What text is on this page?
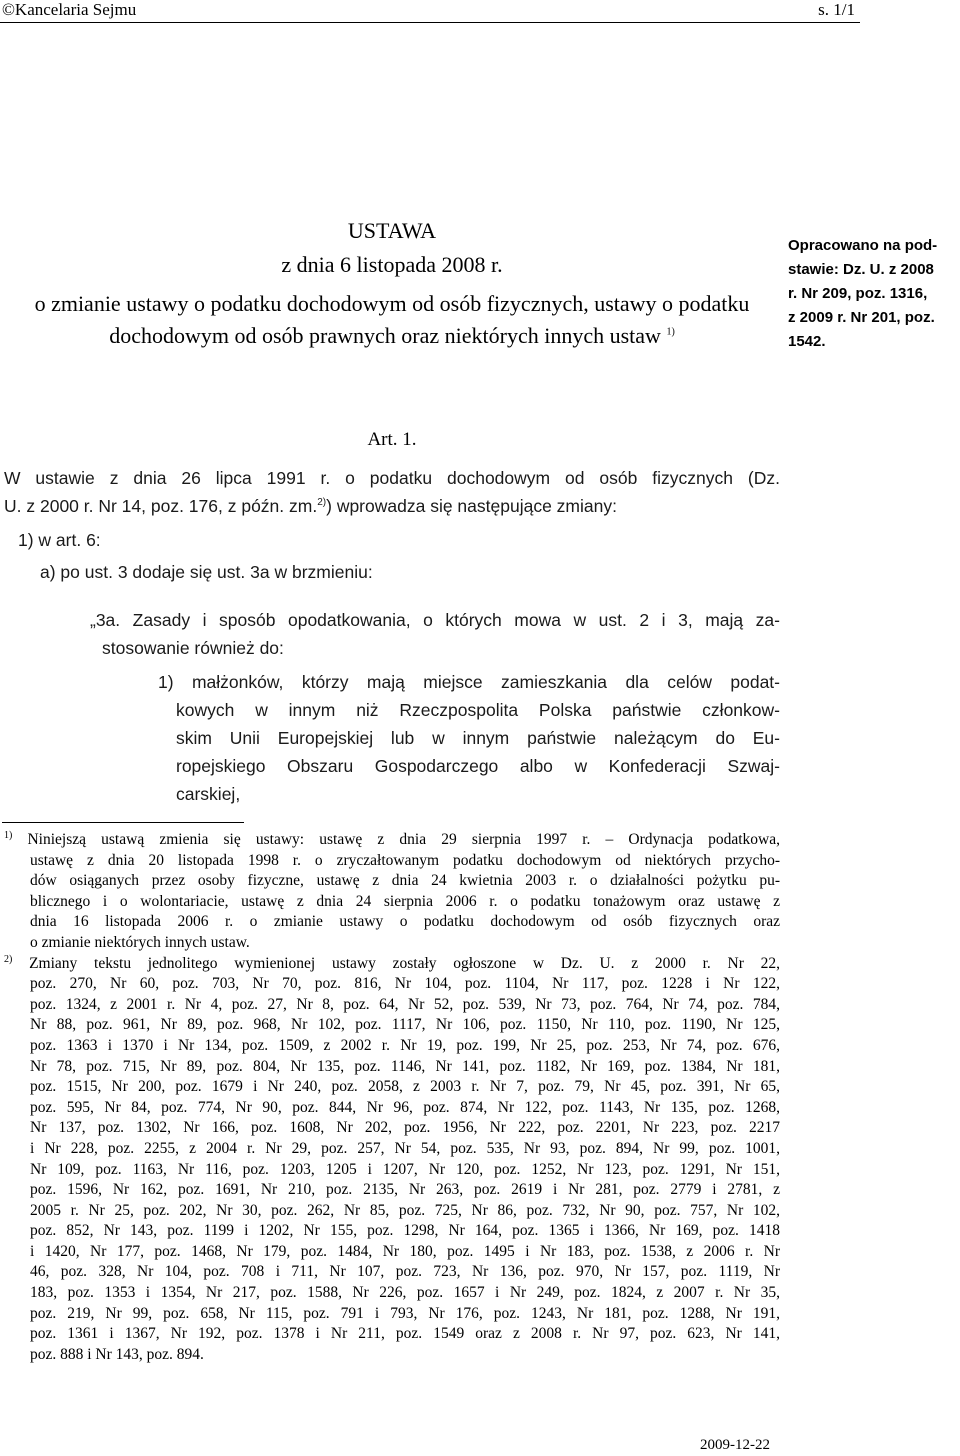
©Kancelaria Sejmu	s. 1/1
USTAWA
z dnia 6 listopada 2008 r.
o zmianie ustawy o podatku dochodowym od osób fizycznych, ustawy o podatku
dochodowym od osób prawnych oraz niektórych innych ustaw $^{1)}$
Opracowano na pod-
stawie: Dz. U. z 2008
r. Nr 209, poz. 1316,
z 2009 r. Nr 201, poz.
1542.
Art. 1.
W ustawie z dnia 26 lipca 1991 r. o podatku dochodowym od osób fizycznych (Dz.
U. z 2000 r. Nr 14, poz. 176, z późn. zm.$^{2)}$) wprowadza się następujące zmiany:
1) w art. 6:
a) po ust. 3 dodaje się ust. 3a w brzmieniu:
„3a. Zasady i sposób opodatkowania, o których mowa w ust. 2 i 3, mają za-
stosowanie również do:
1) małżonków, którzy mają miejsce zamieszkania dla celów podat-
kowych w innym niż Rzeczpospolita Polska państwie członkow-
skim Unii Europejskiej lub w innym państwie należącym do Eu-
ropejskiego Obszaru Gospodarczego albo w Konfederacji Szwaj-
carskiej,
$^{1)}$ Niniejszą ustawą zmienia się ustawy: ustawę z dnia 29 sierpnia 1997 r. – Ordynacja podatkowa,
ustawę z dnia 20 listopada 1998 r. o zryczałtowanym podatku dochodowym od niektórych przycho-
dów osiąganych przez osoby fizyczne, ustawę z dnia 24 kwietnia 2003 r. o działalności pożytku pu-
blicznego i o wolontariacie, ustawę z dnia 24 sierpnia 2006 r. o podatku tonażowym oraz ustawę z
dnia 16 listopada 2006 r. o zmianie ustawy o podatku dochodowym od osób fizycznych oraz
o zmianie niektórych innych ustaw.
$^{2)}$ Zmiany tekstu jednolitego wymienionej ustawy zostały ogłoszone w Dz. U. z 2000 r. Nr 22,
poz. 270, Nr 60, poz. 703, Nr 70, poz. 816, Nr 104, poz. 1104, Nr 117, poz. 1228 i Nr 122,
poz. 1324, z 2001 r. Nr 4, poz. 27, Nr 8, poz. 64, Nr 52, poz. 539, Nr 73, poz. 764, Nr 74, poz. 784,
Nr 88, poz. 961, Nr 89, poz. 968, Nr 102, poz. 1117, Nr 106, poz. 1150, Nr 110, poz. 1190, Nr 125,
poz. 1363 i 1370 i Nr 134, poz. 1509, z 2002 r. Nr 19, poz. 199, Nr 25, poz. 253, Nr 74, poz. 676,
Nr 78, poz. 715, Nr 89, poz. 804, Nr 135, poz. 1146, Nr 141, poz. 1182, Nr 169, poz. 1384, Nr 181,
poz. 1515, Nr 200, poz. 1679 i Nr 240, poz. 2058, z 2003 r. Nr 7, poz. 79, Nr 45, poz. 391, Nr 65,
poz. 595, Nr 84, poz. 774, Nr 90, poz. 844, Nr 96, poz. 874, Nr 122, poz. 1143, Nr 135, poz. 1268,
Nr 137, poz. 1302, Nr 166, poz. 1608, Nr 202, poz. 1956, Nr 222, poz. 2201, Nr 223, poz. 2217
i Nr 228, poz. 2255, z 2004 r. Nr 29, poz. 257, Nr 54, poz. 535, Nr 93, poz. 894, Nr 99, poz. 1001,
Nr 109, poz. 1163, Nr 116, poz. 1203, 1205 i 1207, Nr 120, poz. 1252, Nr 123, poz. 1291, Nr 151,
poz. 1596, Nr 162, poz. 1691, Nr 210, poz. 2135, Nr 263, poz. 2619 i Nr 281, poz. 2779 i 2781, z
2005 r. Nr 25, poz. 202, Nr 30, poz. 262, Nr 85, poz. 725, Nr 86, poz. 732, Nr 90, poz. 757, Nr 102,
poz. 852, Nr 143, poz. 1199 i 1202, Nr 155, poz. 1298, Nr 164, poz. 1365 i 1366, Nr 169, poz. 1418
i 1420, Nr 177, poz. 1468, Nr 179, poz. 1484, Nr 180, poz. 1495 i Nr 183, poz. 1538, z 2006 r. Nr
46, poz. 328, Nr 104, poz. 708 i 711, Nr 107, poz. 723, Nr 136, poz. 970, Nr 157, poz. 1119, Nr
183, poz. 1353 i 1354, Nr 217, poz. 1588, Nr 226, poz. 1657 i Nr 249, poz. 1824, z 2007 r. Nr 35,
poz. 219, Nr 99, poz. 658, Nr 115, poz. 791 i 793, Nr 176, poz. 1243, Nr 181, poz. 1288, Nr 191,
poz. 1361 i 1367, Nr 192, poz. 1378 i Nr 211, poz. 1549 oraz z 2008 r. Nr 97, poz. 623, Nr 141,
poz. 888 i Nr 143, poz. 894.
2009-12-22
